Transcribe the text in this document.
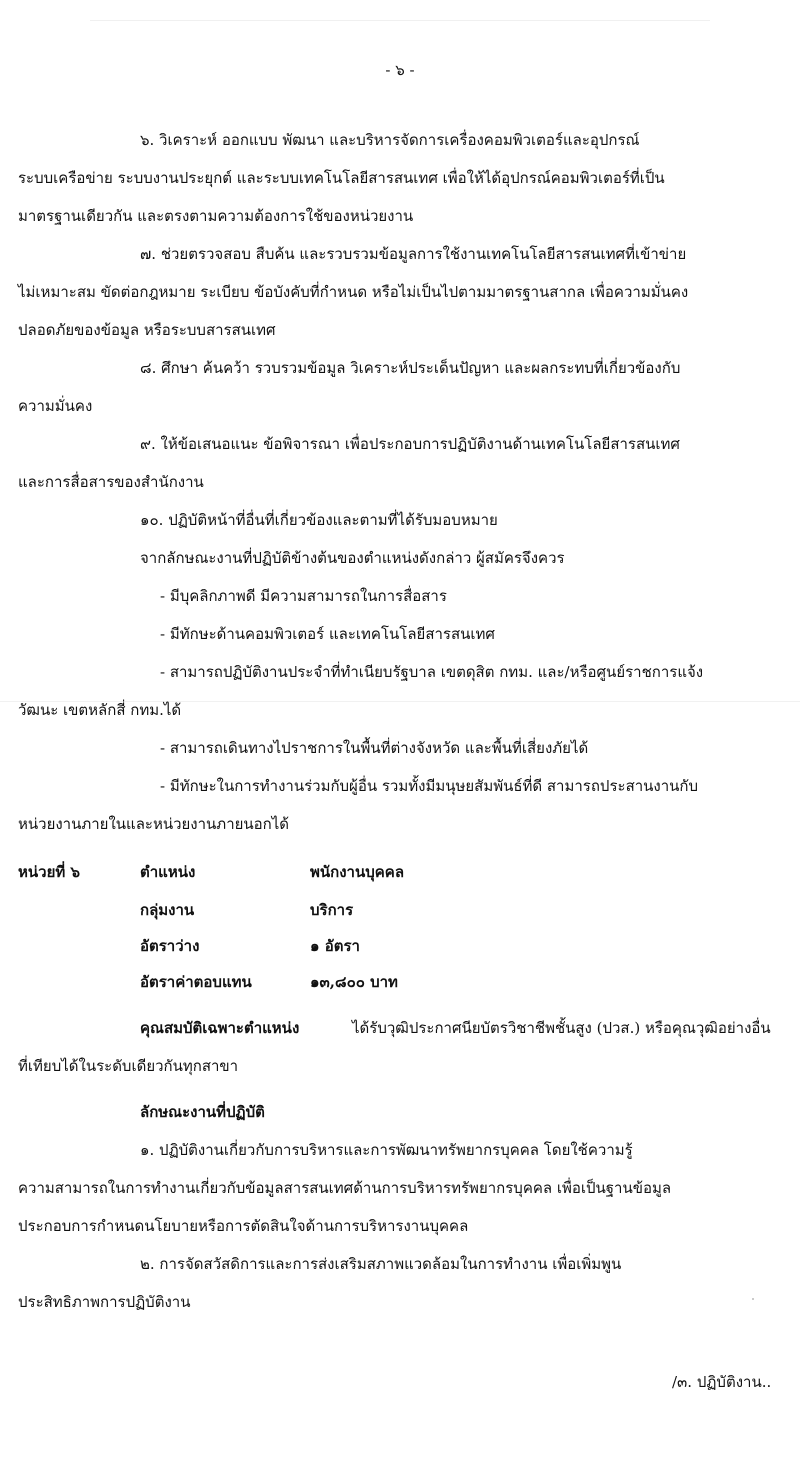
- ๖ -
๖. วิเคราะห์ ออกแบบ พัฒนา และบริหารจัดการเครื่องคอมพิวเตอร์และอุปกรณ์
ระบบเครือข่าย ระบบงานประยุกต์ และระบบเทคโนโลยีสารสนเทศ เพื่อให้ได้อุปกรณ์คอมพิวเตอร์ที่เป็น
มาตรฐานเดียวกัน และตรงตามความต้องการใช้ของหน่วยงาน
๗. ช่วยตรวจสอบ สืบค้น และรวบรวมข้อมูลการใช้งานเทคโนโลยีสารสนเทศที่เข้าข่าย
ไม่เหมาะสม ขัดต่อกฎหมาย ระเบียบ ข้อบังคับที่กำหนด หรือไม่เป็นไปตามมาตรฐานสากล เพื่อความมั่นคง
ปลอดภัยของข้อมูล หรือระบบสารสนเทศ
๘. ศึกษา ค้นคว้า รวบรวมข้อมูล วิเคราะห์ประเด็นปัญหา และผลกระทบที่เกี่ยวข้องกับ
ความมั่นคง
๙. ให้ข้อเสนอแนะ ข้อพิจารณา เพื่อประกอบการปฏิบัติงานด้านเทคโนโลยีสารสนเทศ
และการสื่อสารของสำนักงาน
๑๐. ปฏิบัติหน้าที่อื่นที่เกี่ยวข้องและตามที่ได้รับมอบหมาย
จากลักษณะงานที่ปฏิบัติข้างต้นของตำแหน่งดังกล่าว ผู้สมัครจึงควร
- มีบุคลิกภาพดี มีความสามารถในการสื่อสาร
- มีทักษะด้านคอมพิวเตอร์ และเทคโนโลยีสารสนเทศ
- สามารถปฏิบัติงานประจำที่ทำเนียบรัฐบาล เขตดุสิต กทม. และ/หรือศูนย์ราชการแจ้ง
วัฒนะ เขตหลักสี่ กทม.ได้
- สามารถเดินทางไปราชการในพื้นที่ต่างจังหวัด และพื้นที่เสี่ยงภัยได้
- มีทักษะในการทำงานร่วมกับผู้อื่น รวมทั้งมีมนุษยสัมพันธ์ที่ดี สามารถประสานงานกับ
หน่วยงานภายในและหน่วยงานภายนอกได้
หน่วยที่ ๖	ตำแหน่ง	พนักงานบุคคล
กลุ่มงาน	บริการ
อัตราว่าง	๑ อัตรา
อัตราค่าตอบแทน	๑๓,๘๐๐ บาท
คุณสมบัติเฉพาะตำแหน่ง	ได้รับวุฒิประกาศนียบัตรวิชาชีพชั้นสูง (ปวส.) หรือคุณวุฒิอย่างอื่น
ที่เทียบได้ในระดับเดียวกันทุกสาขา
ลักษณะงานที่ปฏิบัติ
๑. ปฏิบัติงานเกี่ยวกับการบริหารและการพัฒนาทรัพยากรบุคคล โดยใช้ความรู้
ความสามารถในการทำงานเกี่ยวกับข้อมูลสารสนเทศด้านการบริหารทรัพยากรบุคคล เพื่อเป็นฐานข้อมูล
ประกอบการกำหนดนโยบายหรือการตัดสินใจด้านการบริหารงานบุคคล
๒. การจัดสวัสดิการและการส่งเสริมสภาพแวดล้อมในการทำงาน เพื่อเพิ่มพูน
ประสิทธิภาพการปฏิบัติงาน
/๓. ปฏิบัติงาน..
